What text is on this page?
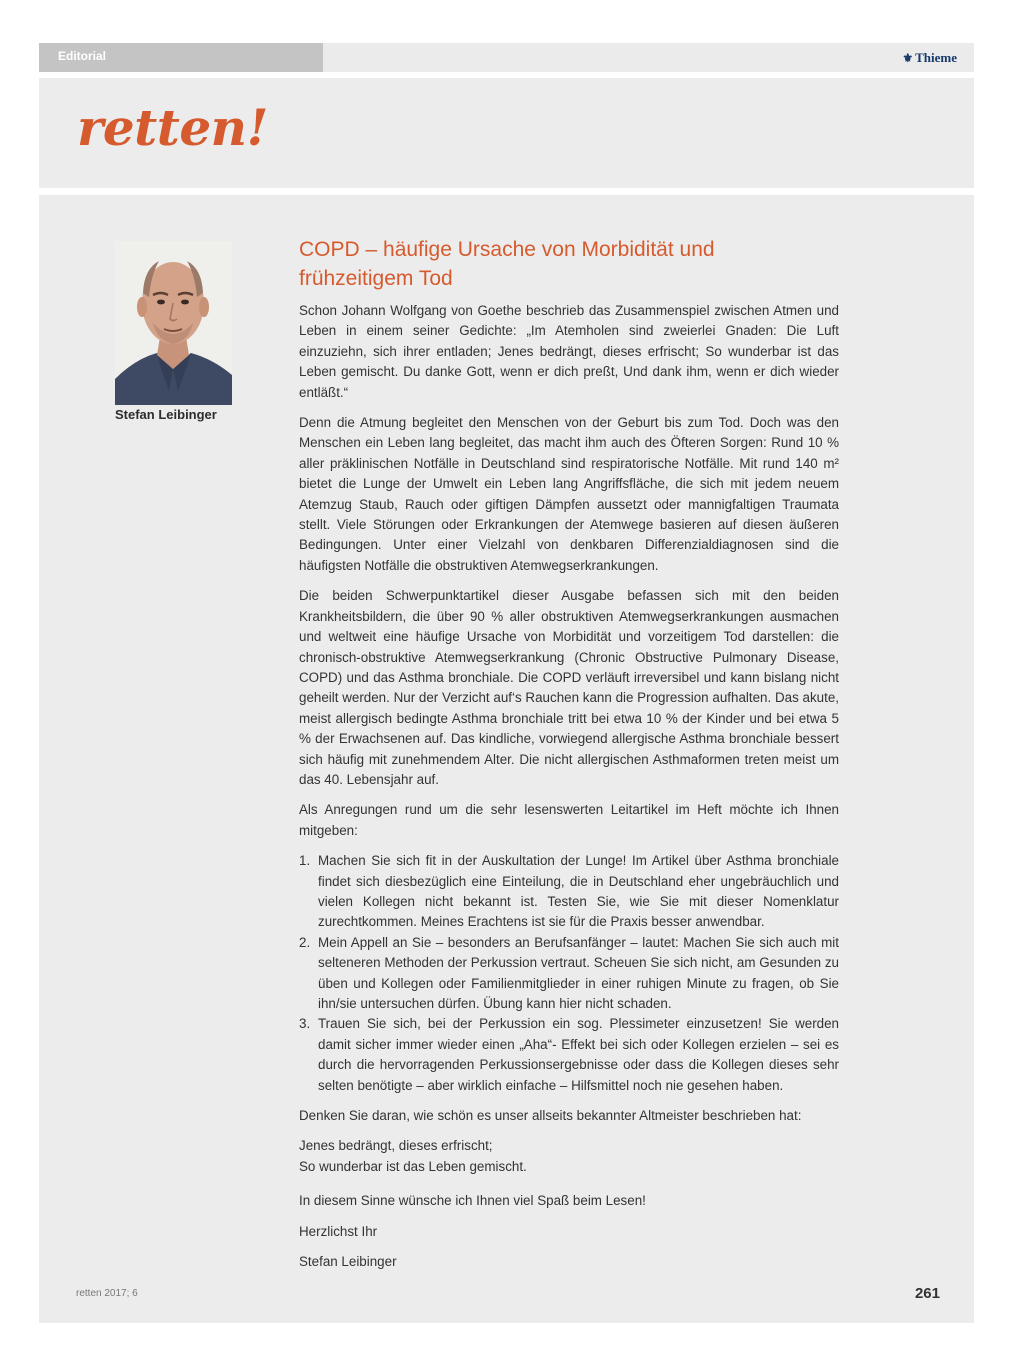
Editorial	⚜ Thieme
retten!
Stefan Leibinger
COPD – häufige Ursache von Morbidität und
frühzeitigem Tod

Schon Johann Wolfgang von Goethe beschrieb das Zusammenspiel zwischen Atmen und Leben in einem seiner Gedichte: „Im Atemholen sind zweierlei Gnaden: Die Luft einzuziehn, sich ihrer entladen; Jenes bedrängt, dieses erfrischt; So wunderbar ist das Leben gemischt. Du danke Gott, wenn er dich preßt, Und dank ihm, wenn er dich wieder entläßt.“

Denn die Atmung begleitet den Menschen von der Geburt bis zum Tod. Doch was den Menschen ein Leben lang begleitet, das macht ihm auch des Öfteren Sorgen: Rund 10 % aller präklinischen Notfälle in Deutschland sind respiratorische Notfälle. Mit rund 140 m² bietet die Lunge der Umwelt ein Leben lang Angriffsfläche, die sich mit jedem neuem Atemzug Staub, Rauch oder giftigen Dämpfen aussetzt oder mannigfaltigen Traumata stellt. Viele Störungen oder Erkrankungen der Atemwege basieren auf diesen äußeren Bedingungen. Unter einer Vielzahl von denkbaren Differenzialdiagnosen sind die häufigsten Notfälle die obstruktiven Atemwegserkrankungen.

Die beiden Schwerpunktartikel dieser Ausgabe befassen sich mit den beiden Krankheitsbildern, die über 90 % aller obstruktiven Atemwegserkrankungen ausmachen und weltweit eine häufige Ursache von Morbidität und vorzeitigem Tod darstellen: die chronisch-obstruktive Atemwegserkrankung (Chronic Obstructive Pulmonary Disease, COPD) und das Asthma bronchiale. Die COPD verläuft irreversibel und kann bislang nicht geheilt werden. Nur der Verzicht auf‘s Rauchen kann die Progression aufhalten. Das akute, meist allergisch bedingte Asthma bronchiale tritt bei etwa 10 % der Kinder und bei etwa 5 % der Erwachsenen auf. Das kindliche, vorwiegend allergische Asthma bronchiale bessert sich häufig mit zunehmendem Alter. Die nicht allergischen Asthmaformen treten meist um das 40. Lebensjahr auf.

Als Anregungen rund um die sehr lesenswerten Leitartikel im Heft möchte ich Ihnen mitgeben:

1. Machen Sie sich fit in der Auskultation der Lunge! Im Artikel über Asthma bronchiale findet sich diesbezüglich eine Einteilung, die in Deutschland eher ungebräuchlich und vielen Kollegen nicht bekannt ist. Testen Sie, wie Sie mit dieser Nomenklatur zurechtkommen. Meines Erachtens ist sie für die Praxis besser anwendbar.
2. Mein Appell an Sie – besonders an Berufsanfänger – lautet: Machen Sie sich auch mit selteneren Methoden der Perkussion vertraut. Scheuen Sie sich nicht, am Gesunden zu üben und Kollegen oder Familienmitglieder in einer ruhigen Minute zu fragen, ob Sie ihn/sie untersuchen dürfen. Übung kann hier nicht schaden.
3. Trauen Sie sich, bei der Perkussion ein sog. Plessimeter einzusetzen! Sie werden damit sicher immer wieder einen „Aha“- Effekt bei sich oder Kollegen erzielen – sei es durch die hervorragenden Perkussionsergebnisse oder dass die Kollegen dieses sehr selten benötigte – aber wirklich einfache – Hilfsmittel noch nie gesehen haben.

Denken Sie daran, wie schön es unser allseits bekannter Altmeister beschrieben hat:

Jenes bedrängt, dieses erfrischt;
So wunderbar ist das Leben gemischt.

In diesem Sinne wünsche ich Ihnen viel Spaß beim Lesen!

Herzlichst Ihr

Stefan Leibinger

retten 2017; 6	261
